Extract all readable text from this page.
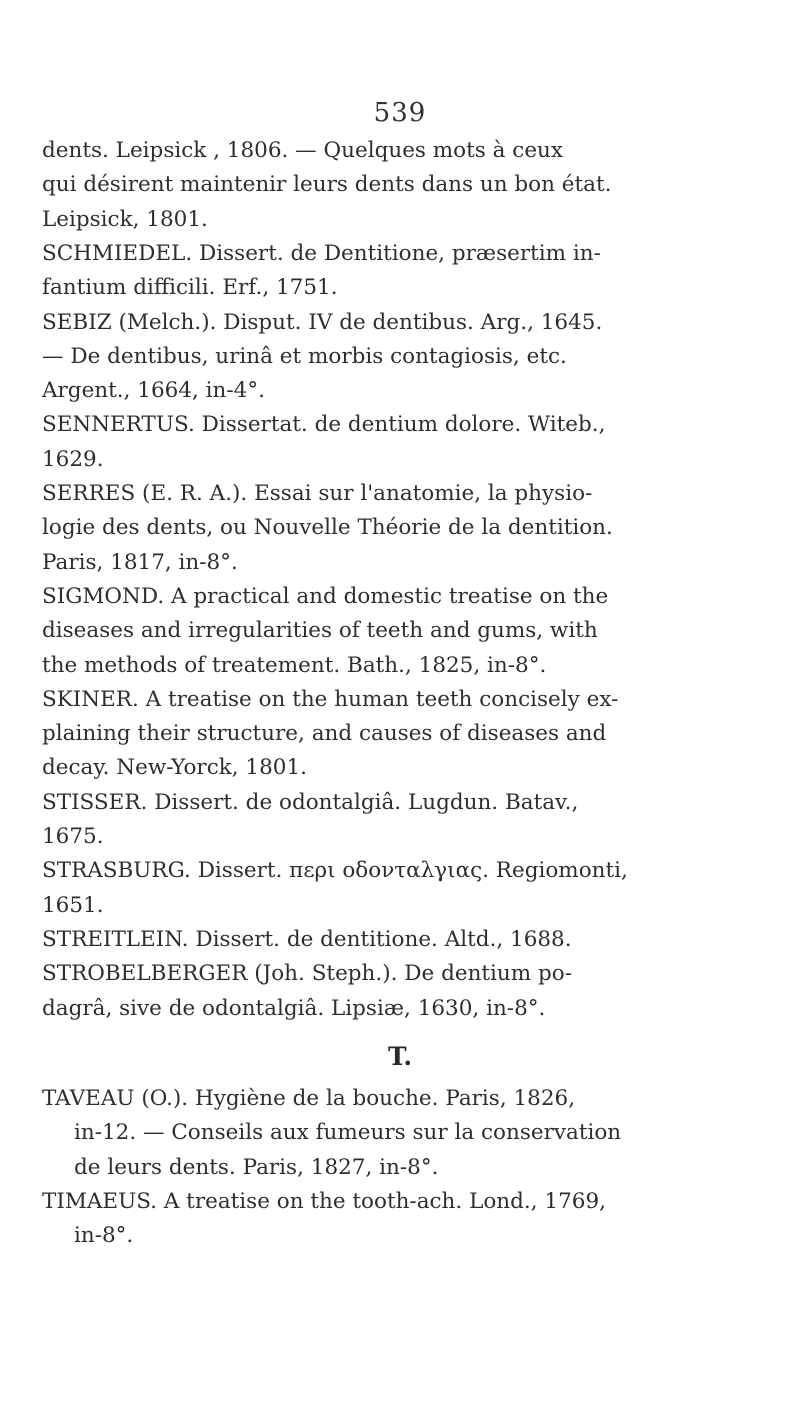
539
dents. Leipsick , 1806. — Quelques mots à ceux
qui désirent maintenir leurs dents dans un bon état.
Leipsick, 1801.
SCHMIEDEL. Dissert. de Dentitione, præsertim in-
fantium difficili. Erf., 1751.
SEBIZ (Melch.). Disput. IV de dentibus. Arg., 1645.
— De dentibus, urinâ et morbis contagiosis, etc.
Argent., 1664, in-4°.
SENNERTUS. Dissertat. de dentium dolore. Witeb.,
1629.
SERRES (E. R. A.). Essai sur l'anatomie, la physio-
logie des dents, ou Nouvelle Théorie de la dentition.
Paris, 1817, in-8°.
SIGMOND. A practical and domestic treatise on the
diseases and irregularities of teeth and gums, with
the methods of treatement. Bath., 1825, in-8°.
SKINER. A treatise on the human teeth concisely ex-
plaining their structure, and causes of diseases and
decay. New-Yorck, 1801.
STISSER. Dissert. de odontalgiâ. Lugdun. Batav.,
1675.
STRASBURG. Dissert. περι οδονταλγιας. Regiomonti,
1651.
STREITLEIN. Dissert. de dentitione. Altd., 1688.
STROBELBERGER (Joh. Steph.). De dentium po-
dagrâ, sive de odontalgiâ. Lipsiæ, 1630, in-8°.
T.
TAVEAU (O.). Hygiène de la bouche. Paris, 1826,
in-12. — Conseils aux fumeurs sur la conservation
de leurs dents. Paris, 1827, in-8°.
TIMAEUS. A treatise on the tooth-ach. Lond., 1769,
in-8°.
